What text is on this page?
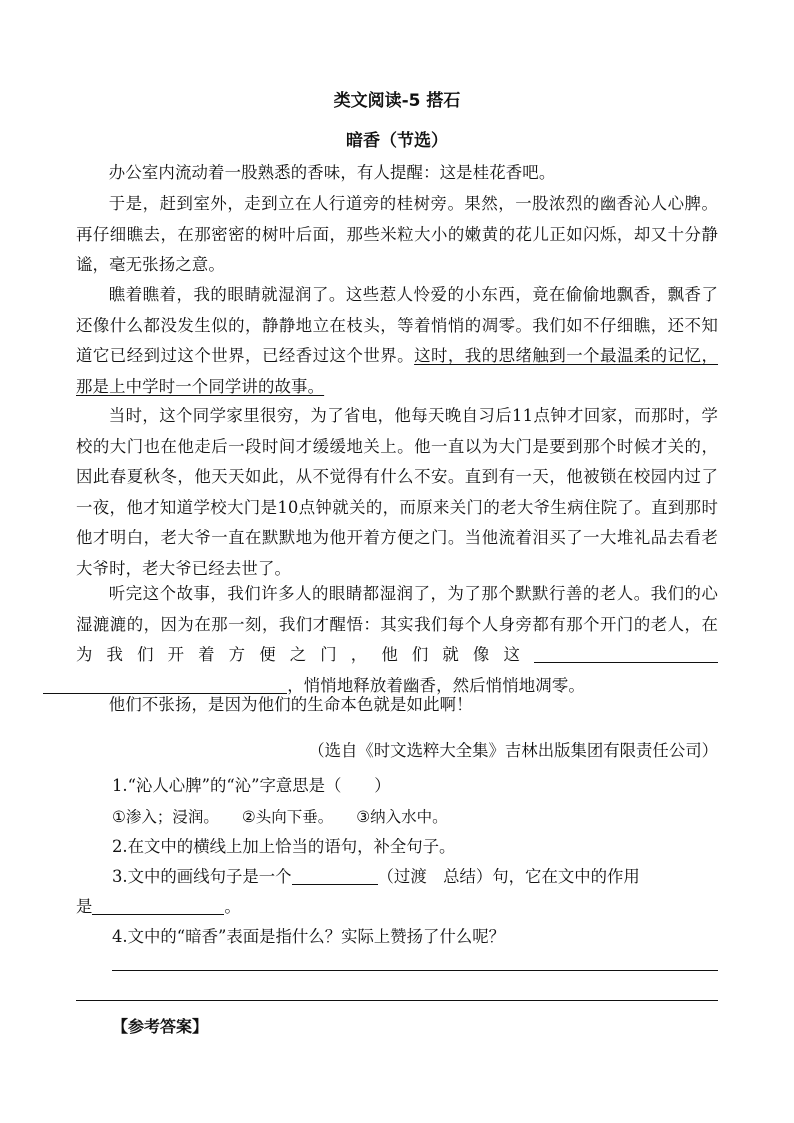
类文阅读-5 搭石
暗香（节选）

办公室内流动着一股熟悉的香味，有人提醒：这是桂花香吧。

于是，赶到室外，走到立在人行道旁的桂树旁。果然，一股浓烈的幽香沁人心脾。再仔细瞧去，在那密密的树叶后面，那些米粒大小的嫩黄的花儿正如闪烁，却又十分静谧，毫无张扬之意。

瞧着瞧着，我的眼睛就湿润了。这些惹人怜爱的小东西，竟在偷偷地飘香，飘香了还像什么都没发生似的，静静地立在枝头，等着悄悄的凋零。我们如不仔细瞧，还不知道它已经到过这个世界，已经香过这个世界。这时，我的思绪触到一个最温柔的记忆，那是上中学时一个同学讲的故事。

当时，这个同学家里很穷，为了省电，他每天晚自习后11点钟才回家，而那时，学校的大门也在他走后一段时间才缓缓地关上。他一直以为大门是要到那个时候才关的，因此春夏秋冬，他天天如此，从不觉得有什么不安。直到有一天，他被锁在校园内过了一夜，他才知道学校大门是10点钟就关的，而原来关门的老大爷生病住院了。直到那时他才明白，老大爷一直在默默地为他开着方便之门。当他流着泪买了一大堆礼品去看老大爷时，老大爷已经去世了。

听完这个故事，我们许多人的眼睛都湿润了，为了那个默默行善的老人。我们的心湿漉漉的，因为在那一刻，我们才醒悟：其实我们每个人身旁都有那个开门的老人，在为我们开着方便之门，他们就像这，悄悄地释放着幽香，然后悄悄地凋零。

他们不张扬，是因为他们的生命本色就是如此啊！

（选自《时文选粹大全集》吉林出版集团有限责任公司）
1.“沁人心脾”的“沁”字意思是（　　）
①渗入；浸润。 ②头向下垂。 ③纳入水中。
2.在文中的横线上加上恰当的语句，补全句子。
3.文中的画线句子是一个	（过渡　总结）句，它在文中的作用
是	。
4.文中的“暗香”表面是指什么？实际上赞扬了什么呢？
【参考答案】
